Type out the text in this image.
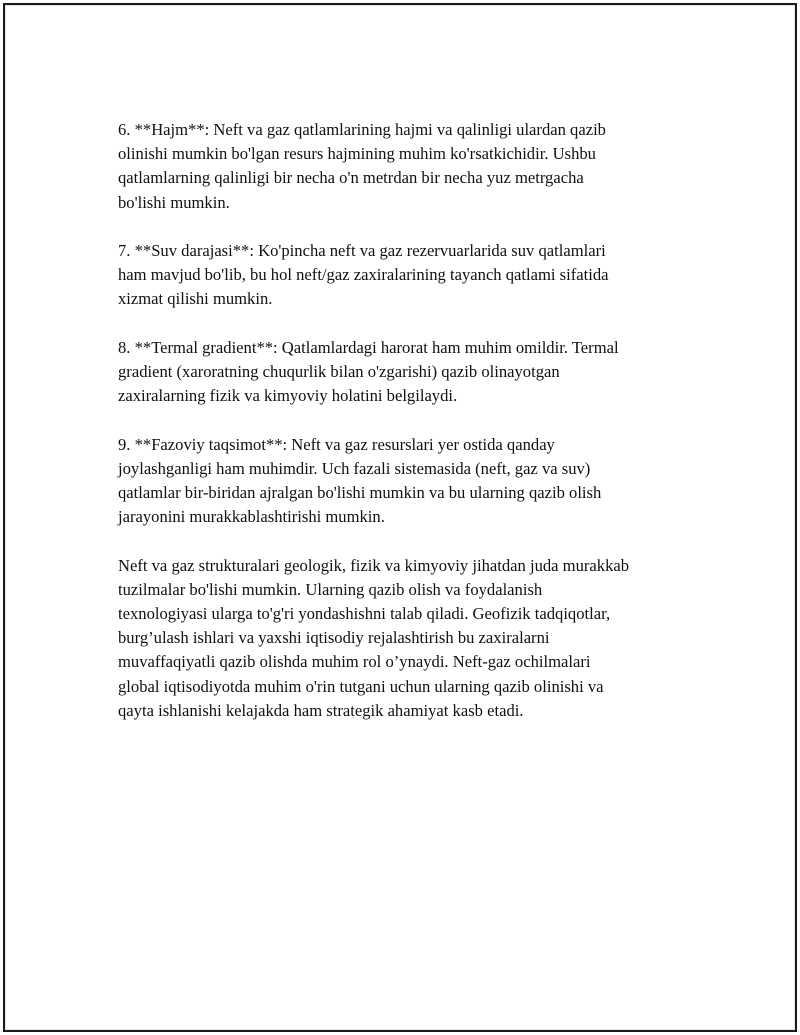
6. **Hajm**: Neft va gaz qatlamlarining hajmi va qalinligi ulardan qazib
olinishi mumkin bo'lgan resurs hajmining muhim ko'rsatkichidir. Ushbu
qatlamlarning qalinligi bir necha o'n metrdan bir necha yuz metrgacha
bo'lishi mumkin.

7. **Suv darajasi**: Ko'pincha neft va gaz rezervuarlarida suv qatlamlari
ham mavjud bo'lib, bu hol neft/gaz zaxiralarining tayanch qatlami sifatida
xizmat qilishi mumkin.

8. **Termal gradient**: Qatlamlardagi harorat ham muhim omildir. Termal
gradient (xaroratning chuqurlik bilan o'zgarishi) qazib olinayotgan
zaxiralarning fizik va kimyoviy holatini belgilaydi.

9. **Fazoviy taqsimot**: Neft va gaz resurslari yer ostida qanday
joylashganligi ham muhimdir. Uch fazali sistemasida (neft, gaz va suv)
qatlamlar bir-biridan ajralgan bo'lishi mumkin va bu ularning qazib olish
jarayonini murakkablashtirishi mumkin.

Neft va gaz strukturalari geologik, fizik va kimyoviy jihatdan juda murakkab
tuzilmalar bo'lishi mumkin. Ularning qazib olish va foydalanish
texnologiyasi ularga to'g'ri yondashishni talab qiladi. Geofizik tadqiqotlar,
burg’ulash ishlari va yaxshi iqtisodiy rejalashtirish bu zaxiralarni
muvaffaqiyatli qazib olishda muhim rol o’ynaydi. Neft-gaz ochilmalari
global iqtisodiyotda muhim o'rin tutgani uchun ularning qazib olinishi va
qayta ishlanishi kelajakda ham strategik ahamiyat kasb etadi.
